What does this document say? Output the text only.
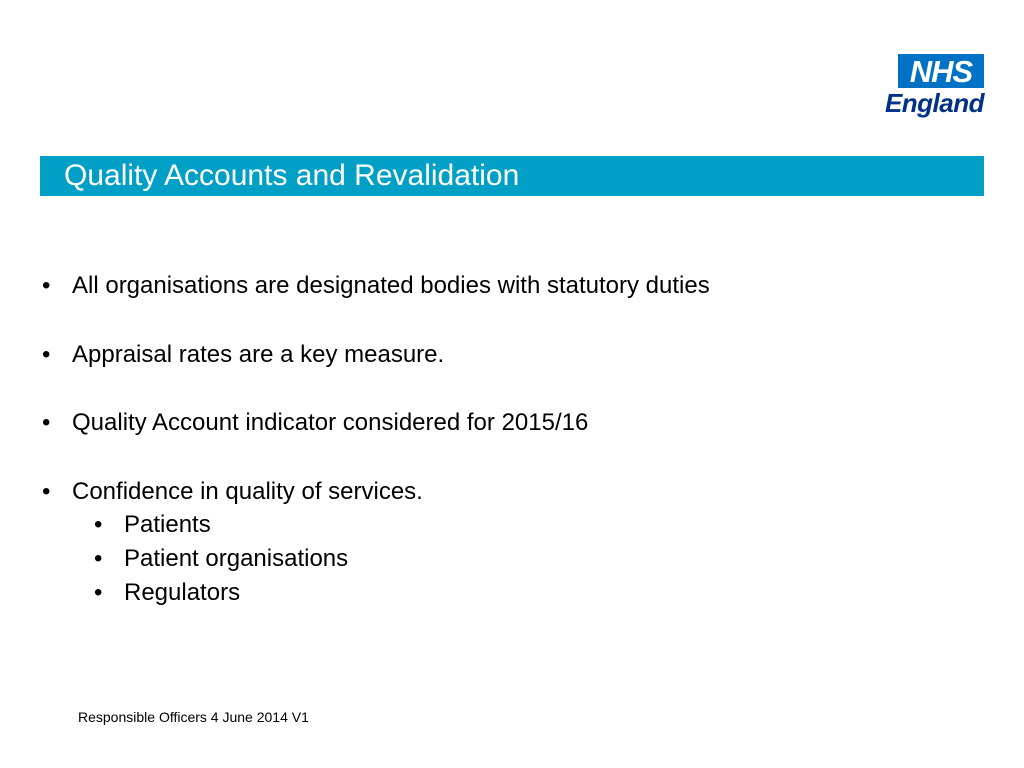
NHS
England
Quality Accounts and Revalidation
• All organisations are designated bodies with statutory duties
• Appraisal rates are a key measure.
• Quality Account indicator considered for 2015/16
• Confidence in quality of services.
• Patients
• Patient organisations
• Regulators
Responsible Officers 4 June 2014 V1
